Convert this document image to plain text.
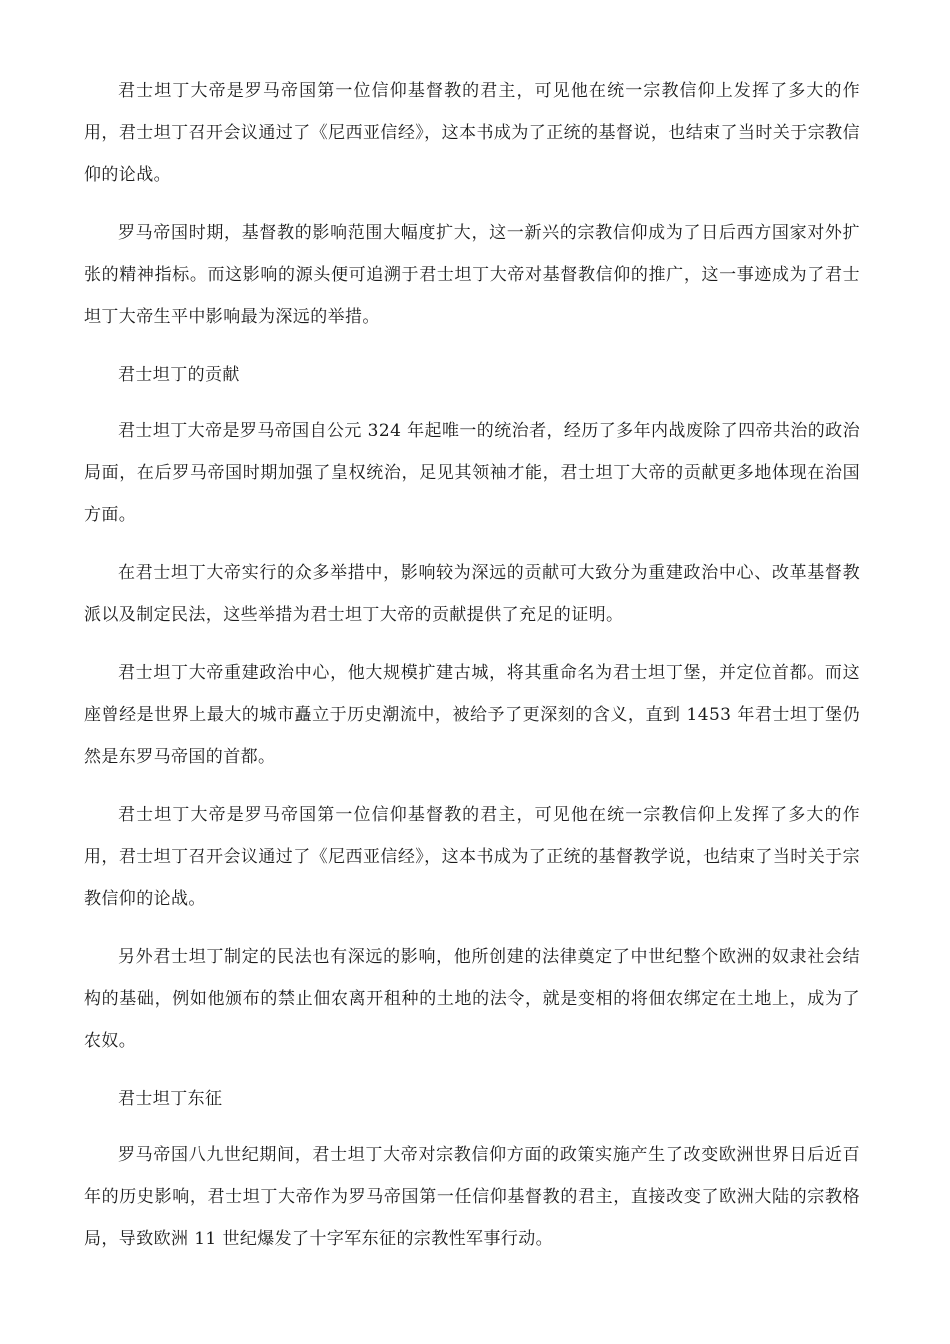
君士坦丁大帝是罗马帝国第一位信仰基督教的君主，可见他在统一宗教信仰上发挥了多大的作用，君士坦丁召开会议通过了《尼西亚信经》，这本书成为了正统的基督说，也结束了当时关于宗教信仰的论战。

罗马帝国时期，基督教的影响范围大幅度扩大，这一新兴的宗教信仰成为了日后西方国家对外扩张的精神指标。而这影响的源头便可追溯于君士坦丁大帝对基督教信仰的推广，这一事迹成为了君士坦丁大帝生平中影响最为深远的举措。

君士坦丁的贡献

君士坦丁大帝是罗马帝国自公元 324 年起唯一的统治者，经历了多年内战废除了四帝共治的政治局面，在后罗马帝国时期加强了皇权统治，足见其领袖才能，君士坦丁大帝的贡献更多地体现在治国方面。

在君士坦丁大帝实行的众多举措中，影响较为深远的贡献可大致分为重建政治中心、改革基督教派以及制定民法，这些举措为君士坦丁大帝的贡献提供了充足的证明。

君士坦丁大帝重建政治中心，他大规模扩建古城，将其重命名为君士坦丁堡，并定位首都。而这座曾经是世界上最大的城市矗立于历史潮流中，被给予了更深刻的含义，直到 1453 年君士坦丁堡仍然是东罗马帝国的首都。

君士坦丁大帝是罗马帝国第一位信仰基督教的君主，可见他在统一宗教信仰上发挥了多大的作用，君士坦丁召开会议通过了《尼西亚信经》，这本书成为了正统的基督教学说，也结束了当时关于宗教信仰的论战。

另外君士坦丁制定的民法也有深远的影响，他所创建的法律奠定了中世纪整个欧洲的奴隶社会结构的基础，例如他颁布的禁止佃农离开租种的土地的法令，就是变相的将佃农绑定在土地上，成为了农奴。

君士坦丁东征

罗马帝国八九世纪期间，君士坦丁大帝对宗教信仰方面的政策实施产生了改变欧洲世界日后近百年的历史影响，君士坦丁大帝作为罗马帝国第一任信仰基督教的君主，直接改变了欧洲大陆的宗教格局，导致欧洲 11 世纪爆发了十字军东征的宗教性军事行动。
